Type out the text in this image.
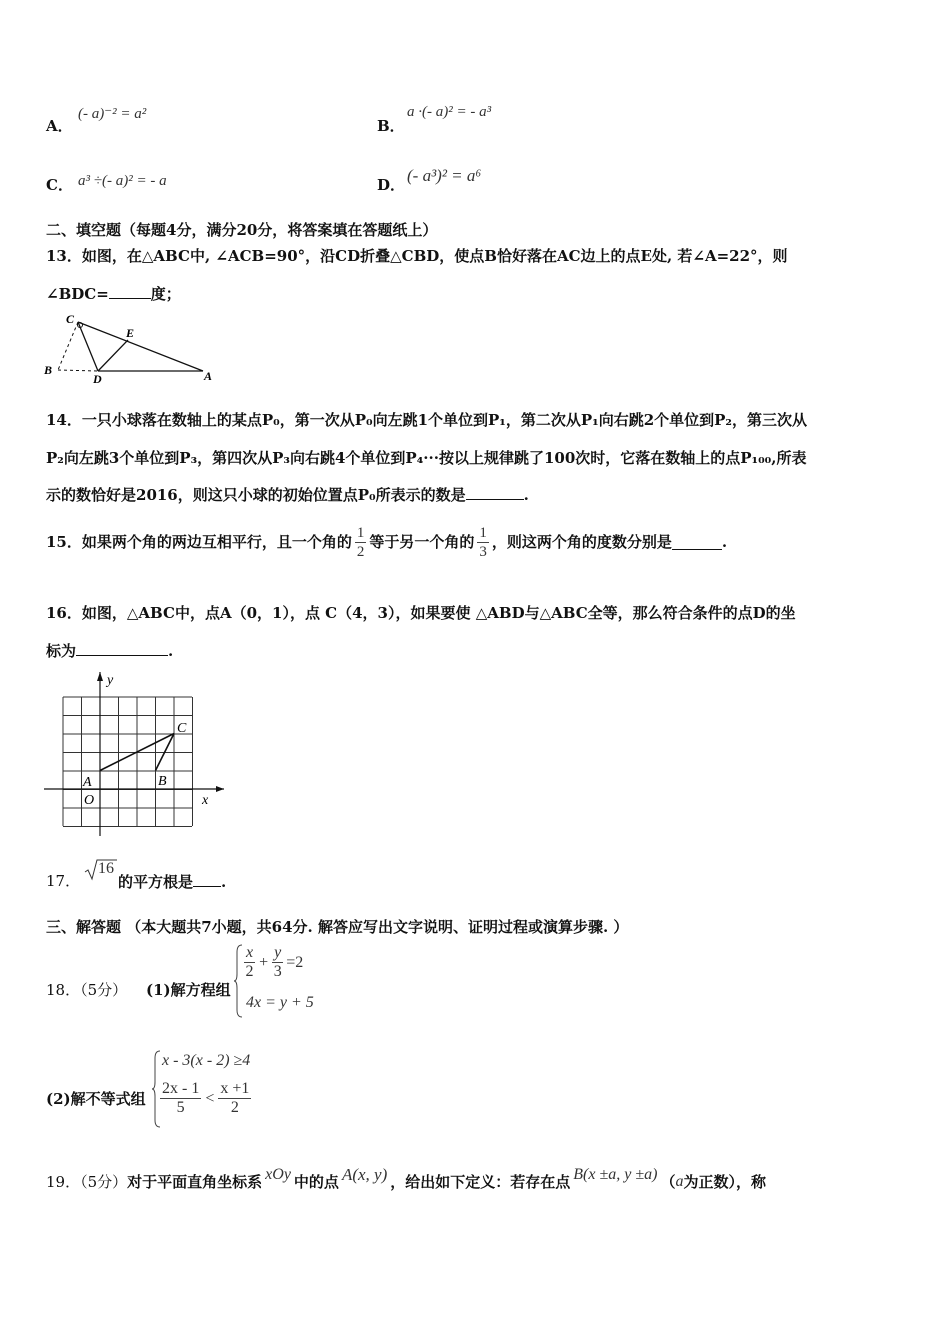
A．
(- a)⁻² = a²
B．
a ·(- a)² = - a³
C． a³ ÷(- a)² = - a	D． (- a³)² = a⁶
二、填空题（每题4分，满分20分，将答案填在答题纸上）
13．如图，在△ABC中, ∠ACB=90°，沿CD折叠△CBD，使点B恰好落在AC边上的点E处, 若∠A=22°，则
∠BDC=	度；
C
E
B
D	A
14．一只小球落在数轴上的某点P₀，第一次从P₀向左跳1个单位到P₁，第二次从P₁向右跳2个单位到P₂，第三次从
P₂向左跳3个单位到P₃，第四次从P₃向右跳4个单位到P₄···按以上规律跳了100次时，它落在数轴上的点P₁₀₀,所表
示的数恰好是2016，则这只小球的初始位置点P₀所表示的数是	.
15．如果两个角的两边互相平行，且一个角的 $\frac{1}{2}$ 等于另一个角的 $\frac{1}{3}$ ，则这两个角的度数分别是	.
16．如图，△ABC中，点A（0，1），点 C（4，3），如果要使 △ABD与△ABC全等，那么符合条件的点D的坐
标为	.
y
x
O
A	B
C
17．
16
的平方根是 .
三、解答题 （本大题共7小题，共64分. 解答应写出文字说明、证明过程或演算步骤. ）
18．（5分） (1)解方程组
$\frac{x}{2} + \frac{y}{3} =2$
4x = y + 5
(2)解不等式组
x - 3(x - 2) ≥4
$\frac{2x - 1}{5} < \frac{x +1}{2}$
19．（5分） 对于平面直角坐标系 xOy 中的点 A(x, y) ，给出如下定义：若存在点 B(x ±a, y ±a) （ a 为正数），称
